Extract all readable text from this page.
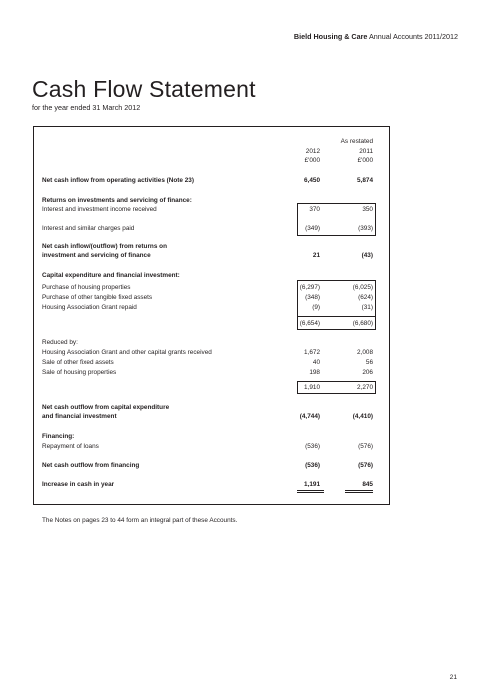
Bield Housing & Care Annual Accounts 2011/2012
Cash Flow Statement
for the year ended 31 March 2012
As restated
2012	2011
£'000	£'000
Net cash inflow from operating activities (Note 23)	6,450	5,874
Returns on investments and servicing of finance:
Interest and investment income received	370	350
Interest and similar charges paid	(349)	(393)
Net cash inflow/(outflow) from returns on
investment and servicing of finance	21	(43)
Capital expenditure and financial investment:
Purchase of housing properties	(6,297)	(6,025)
Purchase of other tangible fixed assets	(348)	(624)
Housing Association Grant repaid	(9)	(31)
(6,654)	(6,680)
Reduced by:
Housing Association Grant and other capital grants received	1,672	2,008
Sale of other fixed assets	40	56
Sale of housing properties	198	206
1,910	2,270
Net cash outflow from capital expenditure
and financial investment	(4,744)	(4,410)
Financing:
Repayment of loans	(536)	(576)
Net cash outflow from financing	(536)	(576)
Increase in cash in year	1,191	845
The Notes on pages 23 to 44 form an integral part of these Accounts.
21
